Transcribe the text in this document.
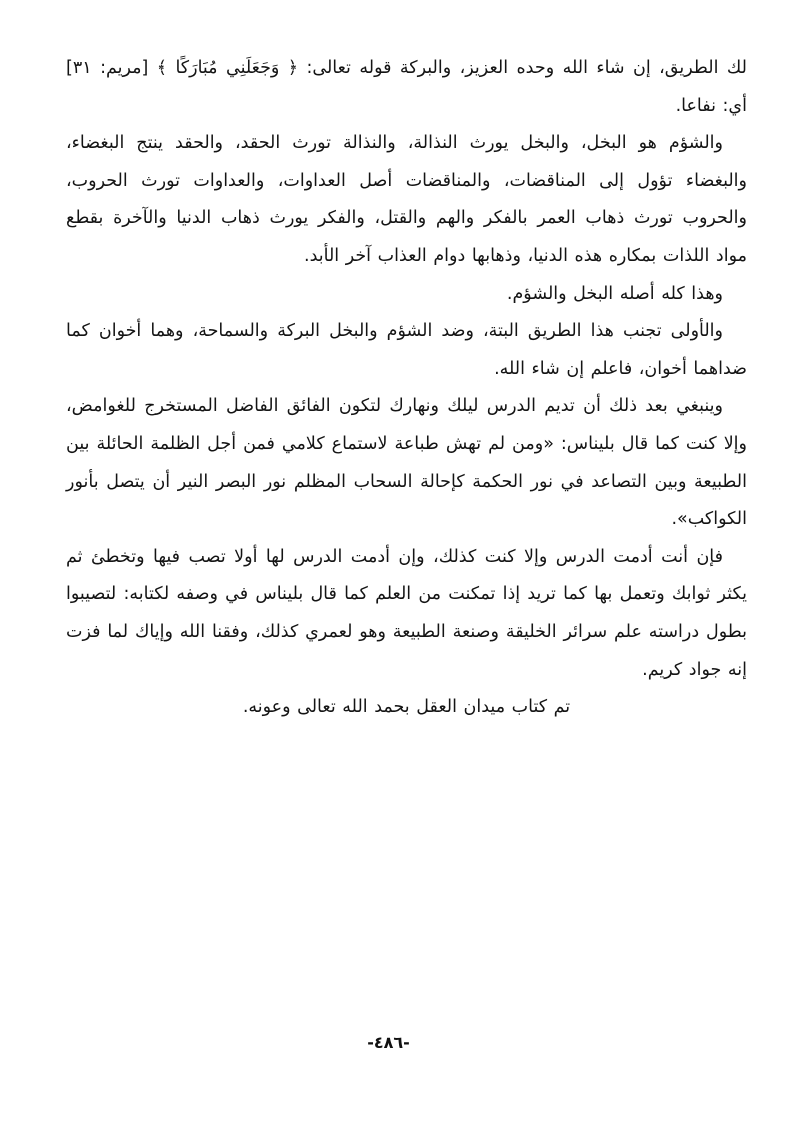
لك الطريق، إن شاء الله وحده العزيز، والبركة قوله تعالى: ﴿ وَجَعَلَنِي مُبَارَكًا ﴾ [مريم: ٣١] أي: نفاعا.

والشؤم هو البخل، والبخل يورث النذالة، والنذالة تورث الحقد، والحقد ينتج البغضاء، والبغضاء تؤول إلى المناقضات، والمناقضات أصل العداوات، والعداوات تورث الحروب، والحروب تورث ذهاب العمر بالفكر والهم والقتل، والفكر يورث ذهاب الدنيا والآخرة بقطع مواد اللذات بمكاره هذه الدنيا، وذهابها دوام العذاب آخر الأبد.

وهذا كله أصله البخل والشؤم.

والأولى تجنب هذا الطريق البتة، وضد الشؤم والبخل البركة والسماحة، وهما أخوان كما ضداهما أخوان، فاعلم إن شاء الله.

وينبغي بعد ذلك أن تديم الدرس ليلك ونهارك لتكون الفائق الفاضل المستخرج للغوامض، وإلا كنت كما قال بليناس: «ومن لم تهش طباعة لاستماع كلامي فمن أجل الظلمة الحائلة بين الطبيعة وبين التصاعد في نور الحكمة كإحالة السحاب المظلم نور البصر النير أن يتصل بأنور الكواكب».

فإن أنت أدمت الدرس وإلا كنت كذلك، وإن أدمت الدرس لها أولا تصب فيها وتخطئ ثم يكثر ثوابك وتعمل بها كما تريد إذا تمكنت من العلم كما قال بليناس في وصفه لكتابه: لتصيبوا بطول دراسته علم سرائر الخليقة وصنعة الطبيعة وهو لعمري كذلك، وفقنا الله وإياك لما فزت إنه جواد كريم.

تم كتاب ميدان العقل بحمد الله تعالى وعونه.

-٤٨٦-
